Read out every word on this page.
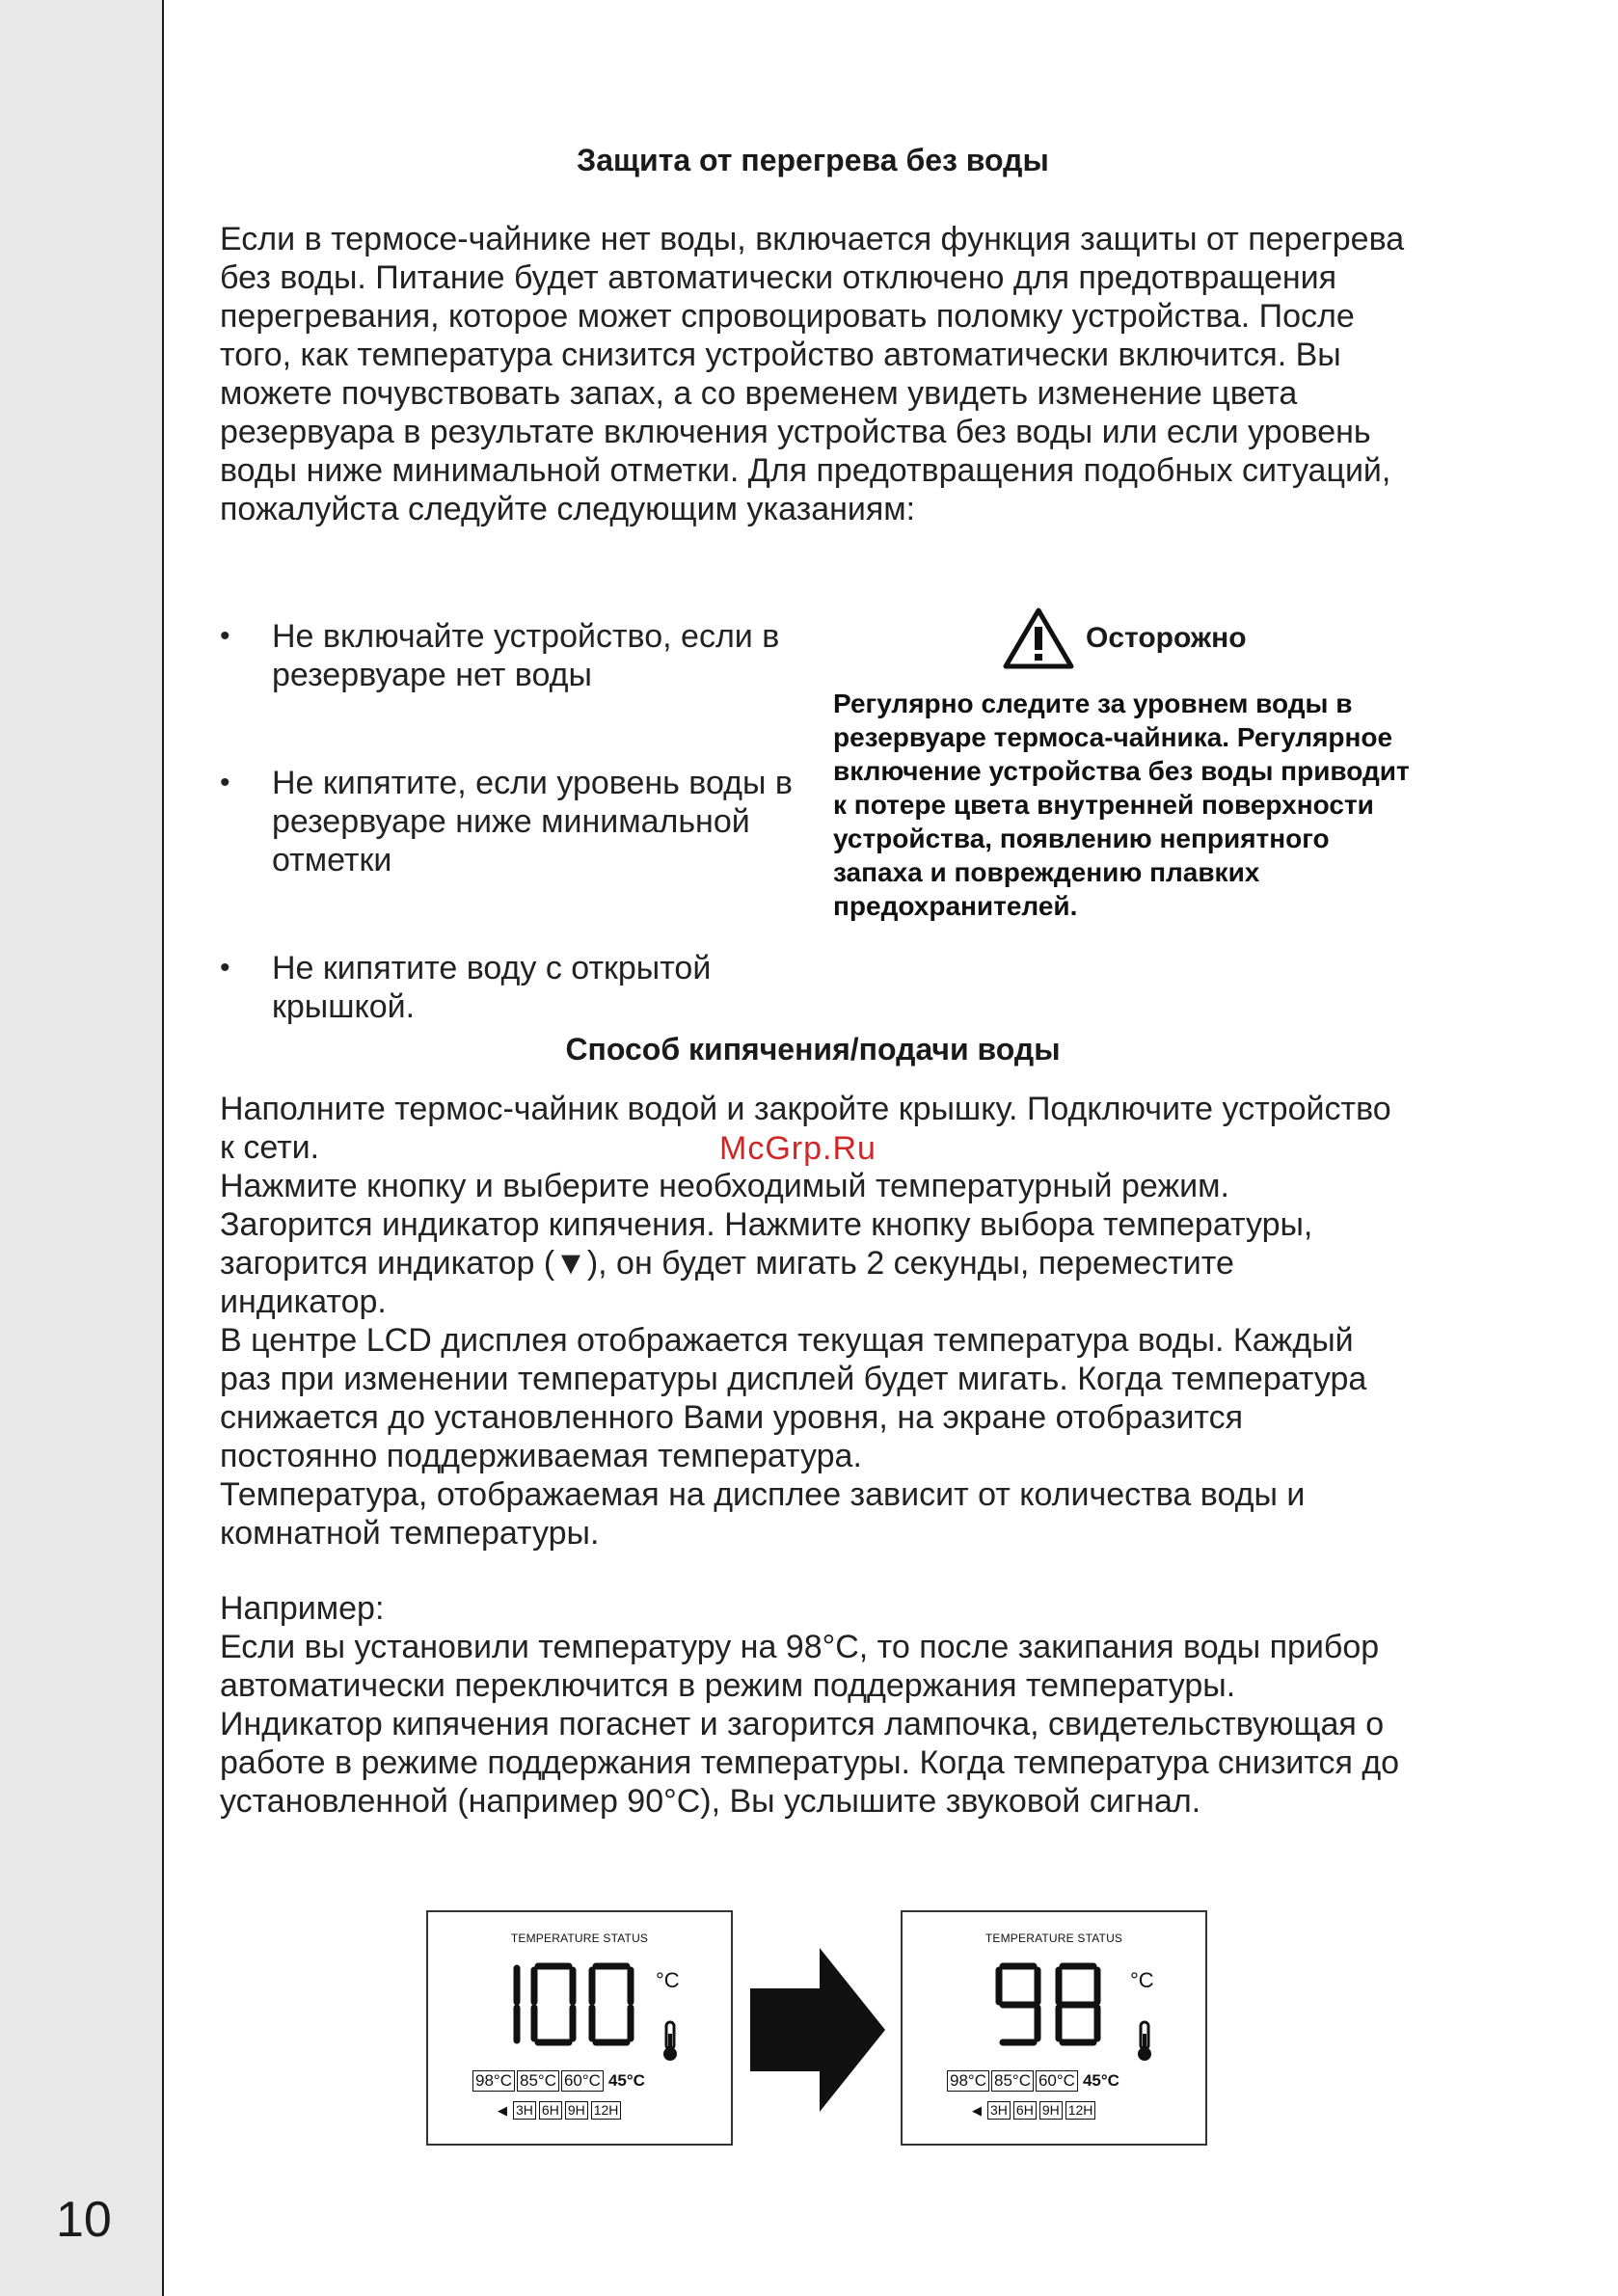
10
Защита от перегрева без воды

Если в термосе-чайнике нет воды, включается функция защиты от перегрева без воды. Питание будет автоматически отключено для предотвращения перегревания, которое может спровоцировать поломку устройства. После того, как температура снизится устройство автоматически включится. Вы можете почувствовать запах, а со временем увидеть изменение цвета резервуара в результате включения устройства без воды или если уровень воды ниже минимальной отметки. Для предотвращения подобных ситуаций, пожалуйста следуйте следующим указаниям:

• Не включайте устройство, если в резервуаре нет воды
• Не кипятите, если уровень воды в резервуаре ниже минимальной отметки
• Не кипятите воду с открытой крышкой.
Осторожно

Регулярно следите за уровнем воды в резервуаре термоса-чайника. Регулярное включение устройства без воды приводит к потере цвета внутренней поверхности устройства, появлению неприятного запаха и повреждению плавких предохранителей.

Способ кипячения/подачи воды

Наполните термос-чайник водой и закройте крышку. Подключите устройство к сети.

Нажмите кнопку и выберите необходимый температурный режим.

Загорится индикатор кипячения. Нажмите кнопку выбора температуры, загорится индикатор (▼), он будет мигать 2 секунды, переместите индикатор.

В центре LCD дисплея отображается текущая температура воды. Каждый раз при изменении температуры дисплей будет мигать. Когда температура снижается до установленного Вами уровня, на экране отобразится постоянно поддерживаемая температура.

Температура, отображаемая на дисплее зависит от количества воды и комнатной температуры.

McGrp.Ru

Например:

Если вы установили температуру на 98°С, то после закипания воды прибор автоматически переключится в режим поддержания температуры. Индикатор кипячения погаснет и загорится лампочка, свидетельствующая о работе в режиме поддержания температуры. Когда температура снизится до установленной (например 90°С), Вы услышите звуковой сигнал.

TEMPERATURE STATUS
°C
98°C 85°C 60°C 45°C
◀ 3H 6H 9H 12H
TEMPERATURE STATUS
°C
98°C 85°C 60°C 45°C
◀ 3H 6H 9H 12H
